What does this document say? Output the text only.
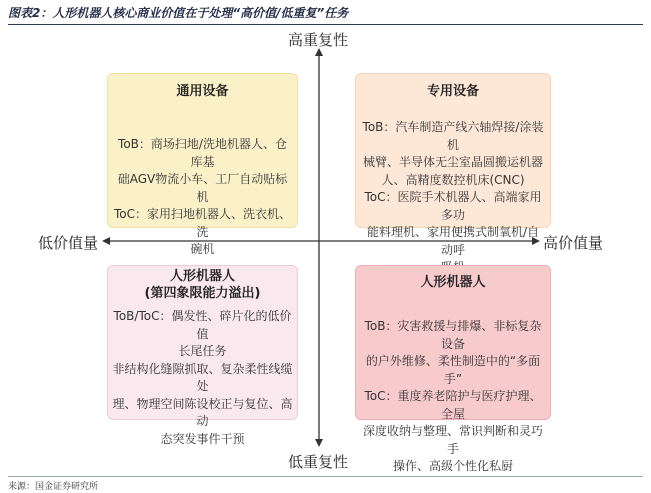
图表2：人形机器人核心商业价值在于处理“高价值/低重复”任务
高重复性
低重复性
低价值量	高价值量
通用设备

ToB：商场扫地/洗地机器人、仓库基

础AGV物流小车、工厂自动贴标机

ToC：家用扫地机器人、洗衣机、洗

碗机

专用设备

ToB：汽车制造产线六轴焊接/涂装机

械臂、半导体无尘室晶圆搬运机器

人、高精度数控机床(CNC)

ToC：医院手术机器人、高端家用多功

能料理机、家用便携式制氧机/自动呼

人形机器人
(第四象限能力溢出)

ToB/ToC：偶发性、碎片化的低价值

长尾任务

非结构化缝隙抓取、复杂柔性线缆处

理、物理空间陈设校正与复位、高动

态突发事件干预

人形机器人

ToB：灾害救援与排爆、非标复杂设备

的户外维修、柔性制造中的“多面手”

ToC：重度养老陪护与医疗护理、全屋

深度收纳与整理、常识判断和灵巧手

操作、高级个性化私厨

来源：国金证券研究所
